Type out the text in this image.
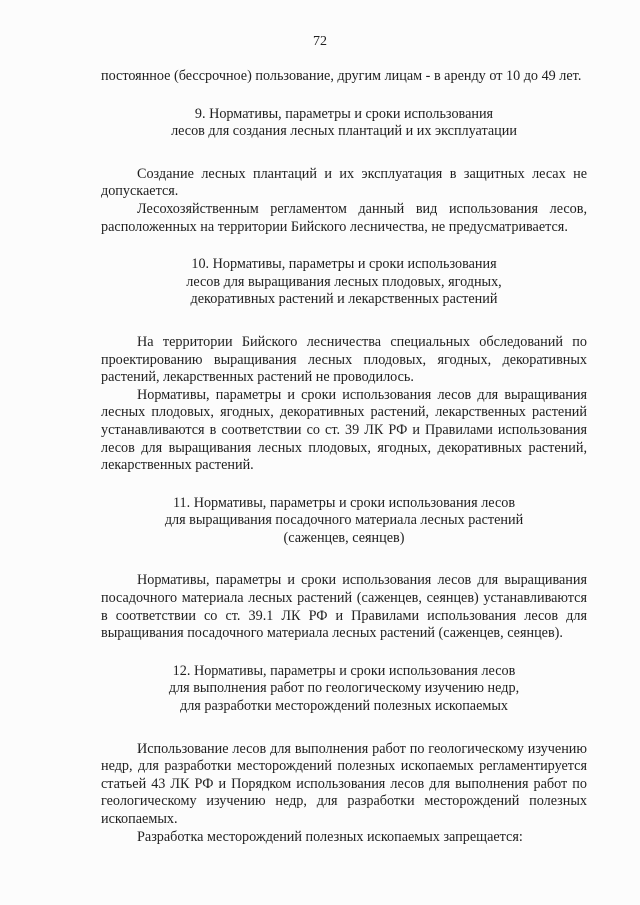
72

постоянное (бессрочное) пользование, другим лицам - в аренду от 10 до 49 лет.

9. Нормативы, параметры и сроки использования

лесов для создания лесных плантаций и их эксплуатации

Создание лесных плантаций и их эксплуатация в защитных лесах не допускается.

Лесохозяйственным регламентом данный вид использования лесов, расположенных на территории Бийского лесничества, не предусматривается.

10. Нормативы, параметры и сроки использования

лесов для выращивания лесных плодовых, ягодных,

декоративных растений и лекарственных растений

На территории Бийского лесничества специальных обследований по проектированию выращивания лесных плодовых, ягодных, декоративных растений, лекарственных растений не проводилось.

Нормативы, параметры и сроки использования лесов для выращивания лесных плодовых, ягодных, декоративных растений, лекарственных растений устанавливаются в соответствии со ст. 39 ЛК РФ и Правилами использования лесов для выращивания лесных плодовых, ягодных, декоративных растений, лекарственных растений.

11. Нормативы, параметры и сроки использования лесов

для выращивания посадочного материала лесных растений

(саженцев, сеянцев)

Нормативы, параметры и сроки использования лесов для выращивания посадочного материала лесных растений (саженцев, сеянцев) устанавливаются в соответствии со ст. 39.1 ЛК РФ и Правилами использования лесов для выращивания посадочного материала лесных растений (саженцев, сеянцев).

12. Нормативы, параметры и сроки использования лесов

для выполнения работ по геологическому изучению недр,

для разработки месторождений полезных ископаемых

Использование лесов для выполнения работ по геологическому изучению недр, для разработки месторождений полезных ископаемых регламентируется статьей 43 ЛК РФ и Порядком использования лесов для выполнения работ по геологическому изучению недр, для разработки месторождений полезных ископаемых.

Разработка месторождений полезных ископаемых запрещается:
